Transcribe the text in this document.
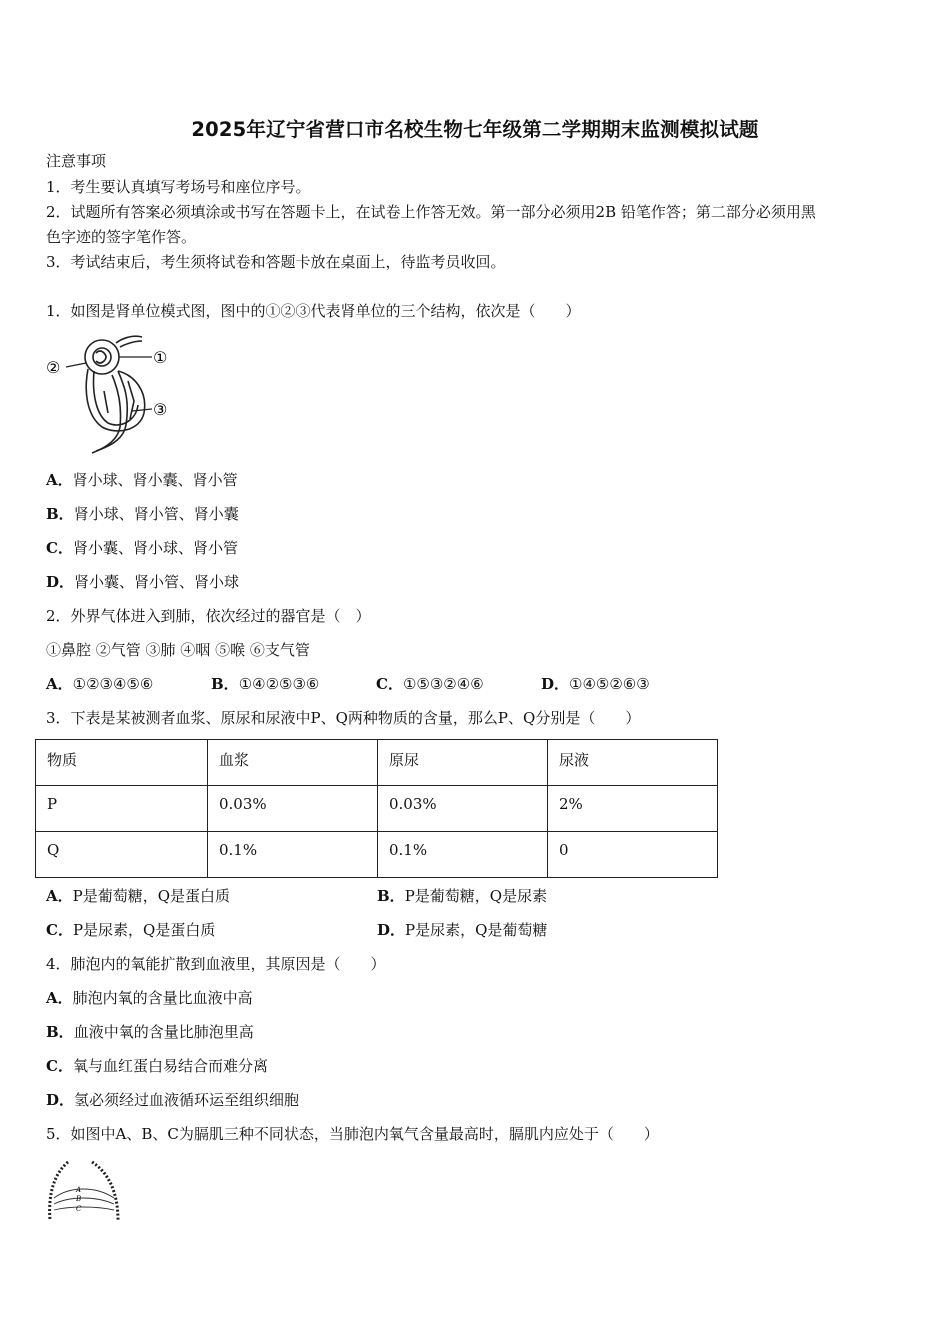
2025年辽宁省营口市名校生物七年级第二学期期末监测模拟试题
注意事项
1．考生要认真填写考场号和座位序号。
2．试题所有答案必须填涂或书写在答题卡上，在试卷上作答无效。第一部分必须用2B 铅笔作答；第二部分必须用黑
色字迹的签字笔作答。
3．考试结束后，考生须将试卷和答题卡放在桌面上，待监考员收回。
1．如图是肾单位模式图，图中的①②③代表肾单位的三个结构，依次是（　　）
①
②
③
A．肾小球、肾小囊、肾小管
B．肾小球、肾小管、肾小囊
C．肾小囊、肾小球、肾小管
D．肾小囊、肾小管、肾小球
2．外界气体进入到肺，依次经过的器官是（　）
①鼻腔 ②气管 ③肺 ④咽 ⑤喉 ⑥支气管
A．①②③④⑤⑥	B．①④②⑤③⑥	C．①⑤③②④⑥	D．①④⑤②⑥③
3．下表是某被测者血浆、原尿和尿液中P、Q两种物质的含量，那么P、Q分别是（　　）
物质	血浆	原尿	尿液
P	0.03%	0.03%	2%
Q	0.1%	0.1%	0
A．P是葡萄糖，Q是蛋白质	B．P是葡萄糖，Q是尿素
C．P是尿素，Q是蛋白质	D．P是尿素，Q是葡萄糖
4．肺泡内的氧能扩散到血液里，其原因是（　　）
A．肺泡内氧的含量比血液中高
B．血液中氧的含量比肺泡里高
C．氧与血红蛋白易结合而难分离
D．氢必须经过血液循环运至组织细胞
5．如图中A、B、C为膈肌三种不同状态，当肺泡内氧气含量最高时，膈肌内应处于（　　）
A
B
C
